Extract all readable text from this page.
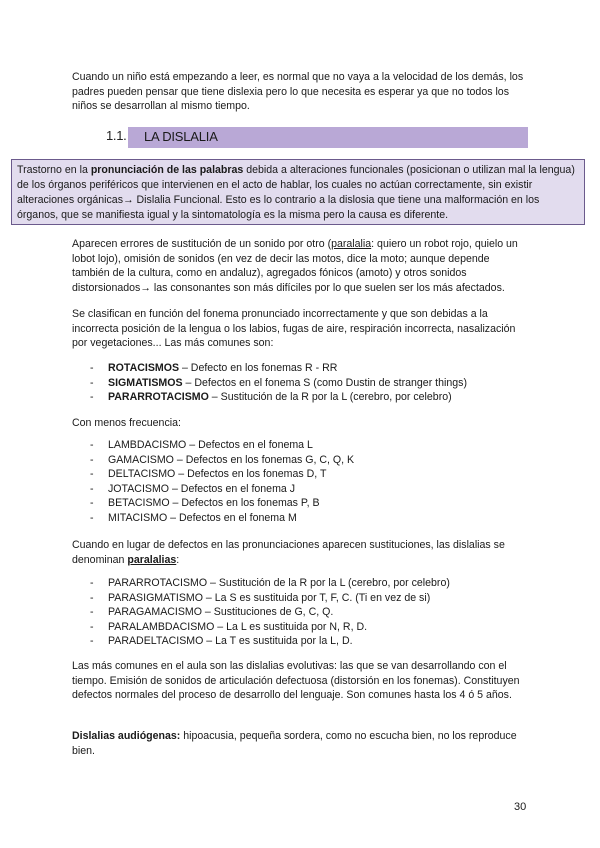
Cuando un niño está empezando a leer, es normal que no vaya a la velocidad de los demás, los padres pueden pensar que tiene dislexia pero lo que necesita es esperar ya que no todos los niños se desarrollan al mismo tiempo.

1.1. LA DISLALIA
Trastorno en la pronunciación de las palabras debida a alteraciones funcionales (posicionan o utilizan mal la lengua) de los órganos periféricos que intervienen en el acto de hablar, los cuales no actúan correctamente, sin existir alteraciones orgánicas→ Dislalia Funcional. Esto es lo contrario a la dislosia que tiene una malformación en los órganos, que se manifiesta igual y la sintomatología es la misma pero la causa es diferente.

Aparecen errores de sustitución de un sonido por otro (paralalia: quiero un robot rojo, quielo un lobot lojo), omisión de sonidos (en vez de decir las motos, dice la moto; aunque depende también de la cultura, como en andaluz), agregados fónicos (amoto) y otros sonidos distorsionados→ las consonantes son más difíciles por lo que suelen ser los más afectados.

Se clasifican en función del fonema pronunciado incorrectamente y que son debidas a la incorrecta posición de la lengua o los labios, fugas de aire, respiración incorrecta, nasalización por vegetaciones... Las más comunes son:

- ROTACISMOS – Defecto en los fonemas R - RR
- SIGMATISMOS – Defectos en el fonema S (como Dustin de stranger things)
- PARARROTACISMO – Sustitución de la R por la L (cerebro, por celebro)

Con menos frecuencia:

- LAMBDACISMO – Defectos en el fonema L
- GAMACISMO – Defectos en los fonemas G, C, Q, K
- DELTACISMO – Defectos en los fonemas D, T
- JOTACISMO – Defectos en el fonema J
- BETACISMO – Defectos en los fonemas P, B
- MITACISMO – Defectos en el fonema M

Cuando en lugar de defectos en las pronunciaciones aparecen sustituciones, las dislalias se denominan paralalias:

- PARARROTACISMO – Sustitución de la R por la L (cerebro, por celebro)
- PARASIGMATISMO – La S es sustituida por T, F, C. (Ti en vez de si)
- PARAGAMACISMO – Sustituciones de G, C, Q.
- PARALAMBDACISMO – La L es sustituida por N, R, D.
- PARADELTACISMO – La T es sustituida por la L, D.

Las más comunes en el aula son las dislalias evolutivas: las que se van desarrollando con el tiempo. Emisión de sonidos de articulación defectuosa (distorsión en los fonemas). Constituyen defectos normales del proceso de desarrollo del lenguaje. Son comunes hasta los 4 ó 5 años.

Dislalias audiógenas: hipoacusia, pequeña sordera, como no escucha bien, no los reproduce bien.

30
